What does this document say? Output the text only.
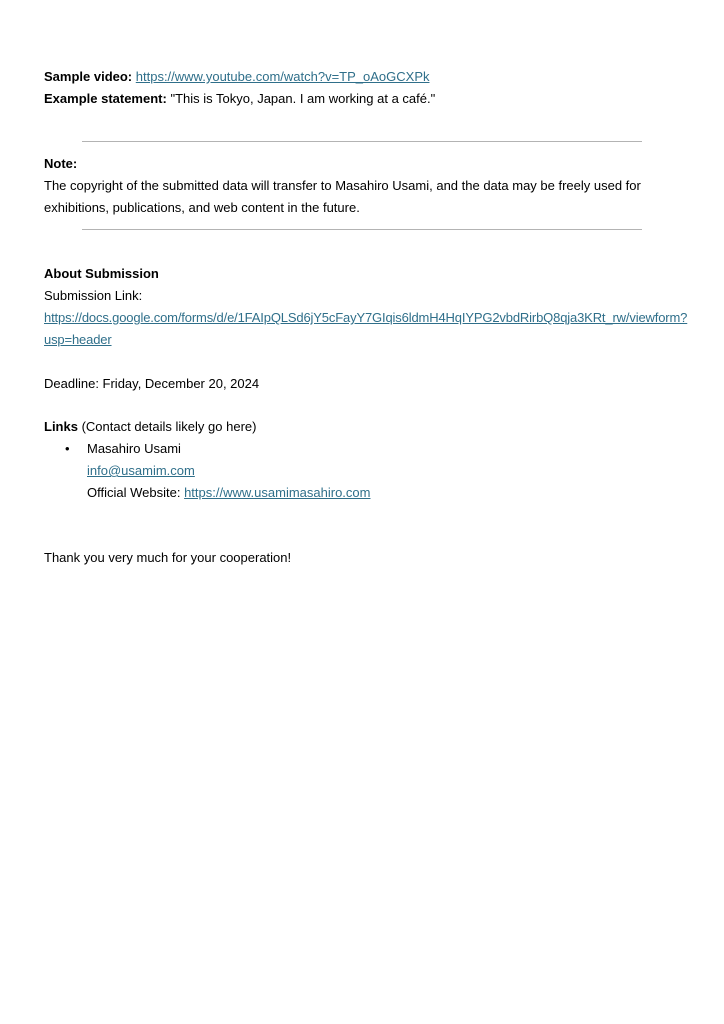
Sample video: https://www.youtube.com/watch?v=TP_oAoGCXPk
Example statement: "This is Tokyo, Japan. I am working at a café."
Note:
The copyright of the submitted data will transfer to Masahiro Usami, and the data may be freely used for exhibitions, publications, and web content in the future.
About Submission
Submission Link:
https://docs.google.com/forms/d/e/1FAIpQLSd6jY5cFayY7GIqis6ldmH4HqIYPG2vbdRirbQ8qja3KRt_rw/viewform?usp=header
Deadline: Friday, December 20, 2024
Links (Contact details likely go here)
• Masahiro Usami
info@usamim.com
Official Website: https://www.usamimasahiro.com
Thank you very much for your cooperation!
